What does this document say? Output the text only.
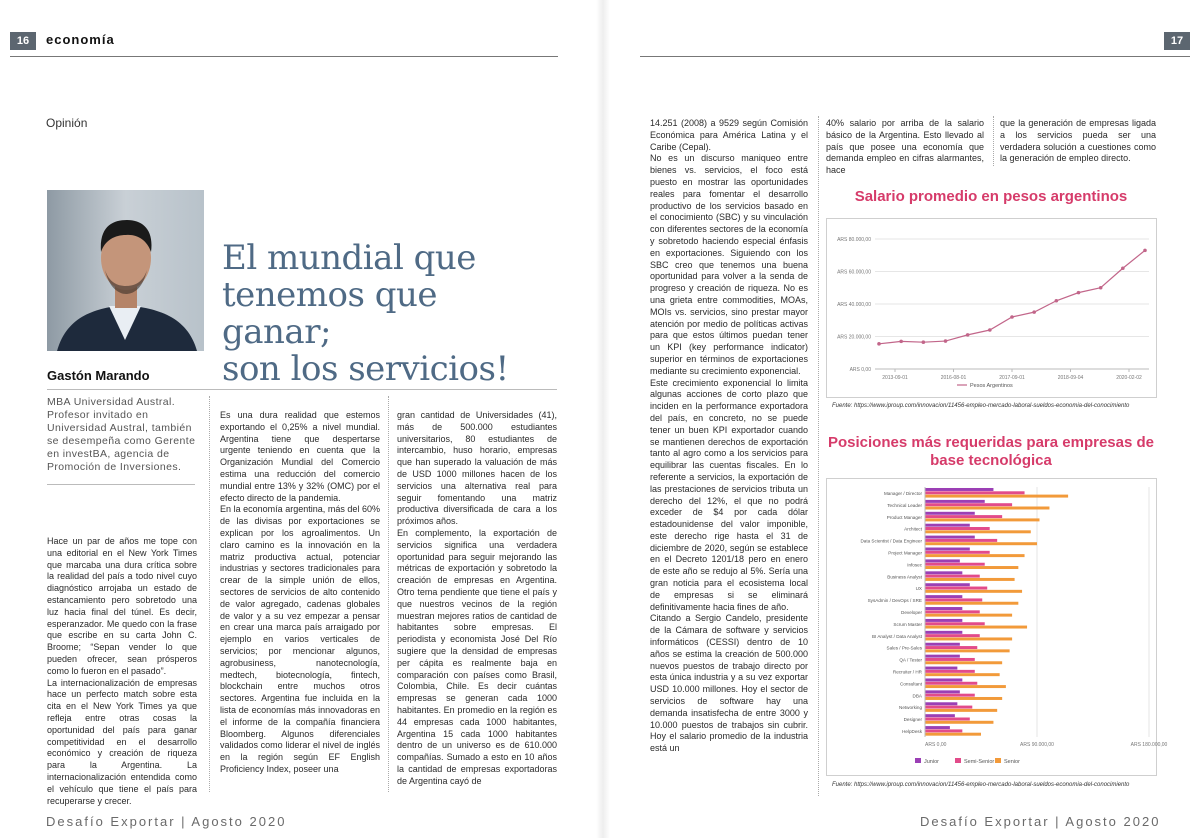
16	economía	17
Opinión
El mundial que
tenemos que ganar;
son los servicios!
Gastón Marando
MBA Universidad Austral. Profesor invitado en Universidad Austral, también se desempeña como Gerente en investBA, agencia de Promoción de Inversiones.

Hace un par de años me tope con una editorial en el New York Times que marcaba una dura crítica sobre la realidad del país a todo nivel cuyo diagnóstico arrojaba un estado de estancamiento pero sobretodo una luz hacia final del túnel. Es decir, esperanzador. Me quedo con la frase que escribe en su carta John C. Broome; “Sepan vender lo que pueden ofrecer, sean prósperos como lo fueron en el pasado”.

La internacionalización de empresas hace un perfecto match sobre esta cita en el New York Times ya que refleja entre otras cosas la oportunidad del país para ganar competitividad en el desarrollo económico y creación de riqueza para la Argentina. La internacionalización entendida como el vehículo que tiene el país para recuperarse y crecer.

Es una dura realidad que estemos exportando el 0,25% a nivel mundial. Argentina tiene que despertarse urgente teniendo en cuenta que la Organización Mundial del Comercio estima una reducción del comercio mundial entre 13% y 32% (OMC) por el efecto directo de la pandemia.

En la economía argentina, más del 60% de las divisas por exportaciones se explican por los agroalimentos. Un claro camino es la innovación en la matriz productiva actual, potenciar industrias y sectores tradicionales para crear de la simple unión de ellos, sectores de servicios de alto contenido de valor agregado, cadenas globales de valor y a su vez empezar a pensar en crear una marca país arraigado por ejemplo en varios verticales de servicios; por mencionar algunos, agrobusiness, nanotecnología, medtech, biotecnología, fintech, blockchain entre muchos otros sectores. Argentina fue incluida en la lista de economías más innovadoras en el informe de la compañía financiera Bloomberg. Algunos diferenciales validados como liderar el nivel de inglés en la región según EF English Proficiency Index, poseer una

gran cantidad de Universidades (41), más de 500.000 estudiantes universitarios, 80 estudiantes de intercambio, huso horario, empresas que han superado la valuación de más de USD 1000 millones hacen de los servicios una alternativa real para seguir fomentando una matriz productiva diversificada de cara a los próximos años.

En complemento, la exportación de servicios significa una verdadera oportunidad para seguir mejorando las métricas de exportación y sobretodo la creación de empresas en Argentina. Otro tema pendiente que tiene el país y que nuestros vecinos de la región muestran mejores ratios de cantidad de habitantes sobre empresas. El periodista y economista José Del Río sugiere que la densidad de empresas per cápita es realmente baja en comparación con países como Brasil, Colombia, Chile. Es decir cuántas empresas se generan cada 1000 habitantes. En promedio en la región es 44 empresas cada 1000 habitantes, Argentina 15 cada 1000 habitantes dentro de un universo es de 610.000 compañías. Sumado a esto en 10 años la cantidad de empresas exportadoras de Argentina cayó de

Desafío Exportar | Agosto 2020

14.251 (2008) a 9529 según Comisión Económica para América Latina y el Caribe (Cepal).

No es un discurso maniqueo entre bienes vs. servicios, el foco está puesto en mostrar las oportunidades reales para fomentar el desarrollo productivo de los servicios basado en el conocimiento (SBC) y su vinculación con diferentes sectores de la economía y sobretodo haciendo especial énfasis en exportaciones. Siguiendo con los SBC creo que tenemos una buena oportunidad para volver a la senda de progreso y creación de riqueza. No es una grieta entre commodities, MOAs, MOIs vs. servicios, sino prestar mayor atención por medio de políticas activas para que estos últimos puedan tener un KPI (key performance indicator) superior en términos de exportaciones mediante su crecimiento exponencial.

Este crecimiento exponencial lo limita algunas acciones de corto plazo que inciden en la performance exportadora del país, en concreto, no se puede tener un buen KPI exportador cuando se mantienen derechos de exportación tanto al agro como a los servicios para equilibrar las cuentas fiscales. En lo referente a servicios, la exportación de las prestaciones de servicios tributa un derecho del 12%, el que no podrá exceder de $4 por cada dólar estadounidense del valor imponible, este derecho rige hasta el 31 de diciembre de 2020, según se establece en el Decreto 1201/18 pero en enero de este año se redujo al 5%. Sería una gran noticia para el ecosistema local de empresas si se eliminará definitivamente hacia fines de año.

Citando a Sergio Candelo, presidente de la Cámara de software y servicios informáticos (CESSI) dentro de 10 años se estima la creación de 500.000 nuevos puestos de trabajo directo por esta única industria y a su vez exportar USD 10.000 millones. Hoy el sector de servicios de software hay una demanda insatisfecha de entre 3000 y 10.000 puestos de trabajos sin cubrir. Hoy el salario promedio de la industria está un

40% salario por arriba de la salario básico de la Argentina. Esto llevado al país que posee una economía que demanda empleo en cifras alarmantes, hace

que la generación de empresas ligada a los servicios pueda ser una verdadera solución a cuestiones como la generación de empleo directo.

Salario promedio en pesos argentinos
ARS 0,00
ARS 20.000,00
ARS 40.000,00
ARS 60.000,00
ARS 80.000,00
2013-09-01	2016-08-01	2017-09-01	2018-09-04	2020-02-02
Pesos Argentinos
Fuente: https://www.iproup.com/innovacion/11456-empleo-mercado-laboral-sueldos-economia-del-conocimiento
Posiciones más requeridas para empresas de base tecnológica
ARS 0,00	ARS 90.000,00	ARS 180.000,00
Manager / Director
Technical Leader
Product Manager
Architect
Data Scientist / Data Engineer
Project Manager
Infosec
Business Analyst
UX
SysAdmin / DevOps / SRE
Developer
Scrum Master
BI Analyst / Data Analyst
Sales / Pre-Sales
QA / Tester
Recruiter / HR
Consultant
DBA
Networking
Designer
HelpDesk
Junior	Semi-Senior Senior
Fuente: https://www.iproup.com/innovacion/11456-empleo-mercado-laboral-sueldos-economia-del-conocimiento
Desafío Exportar | Agosto 2020
